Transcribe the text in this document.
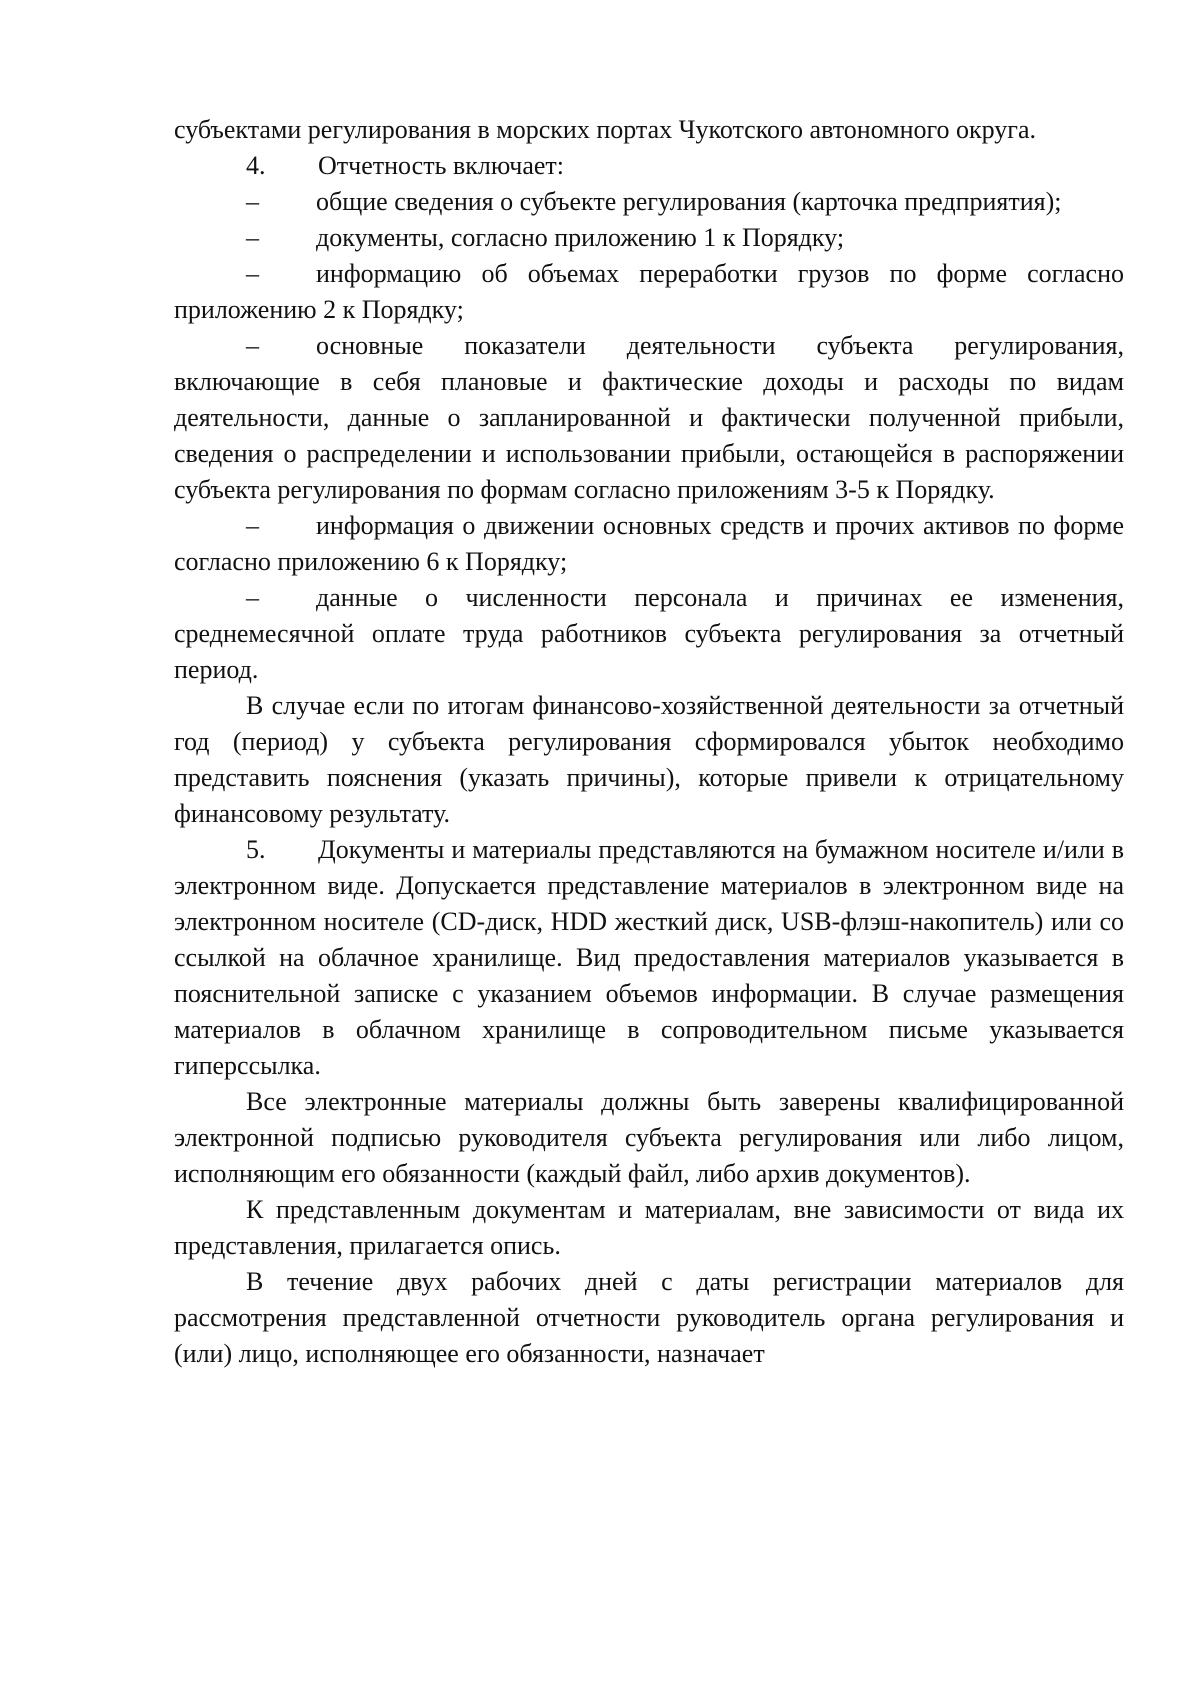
субъектами регулирования в морских портах Чукотского автономного округа.

4. Отчетность включает:

– общие сведения о субъекте регулирования (карточка предприятия);

– документы, согласно приложению 1 к Порядку;

– информацию об объемах переработки грузов по форме согласно приложению 2 к Порядку;

– основные показатели деятельности субъекта регулирования, включающие в себя плановые и фактические доходы и расходы по видам деятельности, данные о запланированной и фактически полученной прибыли, сведения о распределении и использовании прибыли, остающейся в распоряжении субъекта регулирования по формам согласно приложениям 3-5 к Порядку.

– информация о движении основных средств и прочих активов по форме согласно приложению 6 к Порядку;

– данные о численности персонала и причинах ее изменения, среднемесячной оплате труда работников субъекта регулирования за отчетный период.

В случае если по итогам финансово-хозяйственной деятельности за отчетный год (период) у субъекта регулирования сформировался убыток необходимо представить пояснения (указать причины), которые привели к отрицательному финансовому результату.

5. Документы и материалы представляются на бумажном носителе и/или в электронном виде. Допускается представление материалов в электронном виде на электронном носителе (CD-диск, HDD жесткий диск, USB-флэш-накопитель) или со ссылкой на облачное хранилище. Вид предоставления материалов указывается в пояснительной записке с указанием объемов информации. В случае размещения материалов в облачном хранилище в сопроводительном письме указывается гиперссылка.

Все электронные материалы должны быть заверены квалифицированной электронной подписью руководителя субъекта регулирования или либо лицом, исполняющим его обязанности (каждый файл, либо архив документов).

К представленным документам и материалам, вне зависимости от вида их представления, прилагается опись.

В течение двух рабочих дней с даты регистрации материалов для рассмотрения представленной отчетности руководитель органа регулирования и (или) лицо, исполняющее его обязанности, назначает
